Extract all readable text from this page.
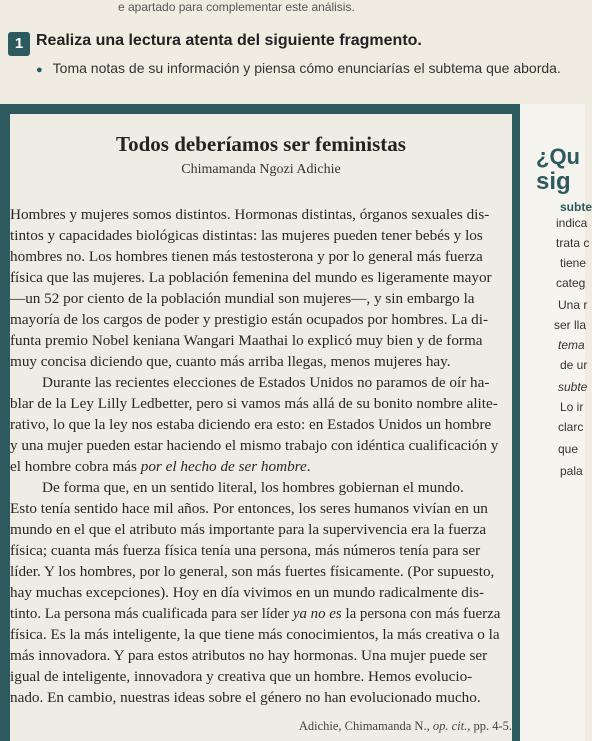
e apartado para complementar este análisis.
1 Realiza una lectura atenta del siguiente fragmento.
● Toma notas de su información y piensa cómo enunciarías el subtema que aborda.
Todos deberíamos ser feministas
Chimamanda Ngozi Adichie
Hombres y mujeres somos distintos. Hormonas distintas, órganos sexuales dis-
tintos y capacidades biológicas distintas: las mujeres pueden tener bebés y los
hombres no. Los hombres tienen más testosterona y por lo general más fuerza
física que las mujeres. La población femenina del mundo es ligeramente mayor
—un 52 por ciento de la población mundial son mujeres—, y sin embargo la
mayoría de los cargos de poder y prestigio están ocupados por hombres. La di-
funta premio Nobel keniana Wangari Maathai lo explicó muy bien y de forma
muy concisa diciendo que, cuanto más arriba llegas, menos mujeres hay.
Durante las recientes elecciones de Estados Unidos no paramos de oír ha-
blar de la Ley Lilly Ledbetter, pero si vamos más allá de su bonito nombre alite-
rativo, lo que la ley nos estaba diciendo era esto: en Estados Unidos un hombre
y una mujer pueden estar haciendo el mismo trabajo con idéntica cualificación y
el hombre cobra más por el hecho de ser hombre.
De forma que, en un sentido literal, los hombres gobiernan el mundo.
Esto tenía sentido hace mil años. Por entonces, los seres humanos vivían en un
mundo en el que el atributo más importante para la supervivencia era la fuerza
física; cuanta más fuerza física tenía una persona, más números tenía para ser
líder. Y los hombres, por lo general, son más fuertes físicamente. (Por supuesto,
hay muchas excepciones). Hoy en día vivimos en un mundo radicalmente dis-
tinto. La persona más cualificada para ser líder ya no es la persona con más fuerza
física. Es la más inteligente, la que tiene más conocimientos, la más creativa o la
más innovadora. Y para estos atributos no hay hormonas. Una mujer puede ser
igual de inteligente, innovadora y creativa que un hombre. Hemos evolucio-
nado. En cambio, nuestras ideas sobre el género no han evolucionado mucho.
Adichie, Chimamanda N., op. cit., pp. 4-5.
¿Qu
sig
subte
indica
trata c
tiene
categ
Una r
ser lla
tema
de ur
subte
Lo ir
clarc
que
pala
